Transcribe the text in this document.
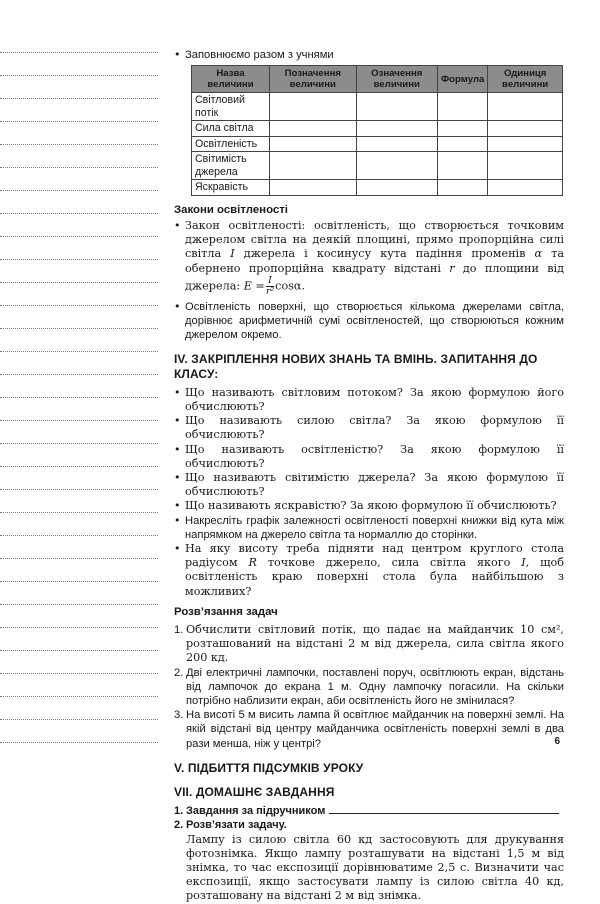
• Заповнюємо разом з учнями
Назва величини	Позначення величини	Означення величини	Формула	Одиниця величини
Світловий потік				
Сила світла				
Освітленість				
Світимість джерела				
Яскравість				
Закони освітленості
• Закон освітленості: освітленість, що створюється точковим джерелом світла на деякій площині, прямо пропорційна силі світла I джерела і косинусу кута падіння променів α та обернено пропорційна квадрату відстані r до площини від джерела: $E = \frac{I}{\text{r²}} \cos\alpha$.
• Освітленість поверхні, що створюється кількома джерелами світла, дорівнює арифметичній сумі освітленостей, що створюються кожним джерелом окремо.
IV. ЗАКРІПЛЕННЯ НОВИХ ЗНАНЬ ТА ВМІНЬ. ЗАПИТАННЯ ДО КЛАСУ:
• Що називають світловим потоком? За якою формулою його обчислюють?
• Що називають силою світла? За якою формулою її обчислюють?
• Що називають освітленістю? За якою формулою її обчислюють?
• Що називають світимістю джерела? За якою формулою її обчислюють?
• Що називають яскравістю? За якою формулою її обчислюють?
• Накресліть графік залежності освітленості поверхні книжки від кута між напрямком на джерело світла та нормаллю до сторінки.
• На яку висоту треба підняти над центром круглого стола радіусом R точкове джерело, сила світла якого I, щоб освітленість краю поверхні стола була найбільшою з можливих?
Розв’язання задач
1. Обчислити світловий потік, що падає на майданчик 10 см², розташований на відстані 2 м від джерела, сила світла якого 200 кд.
2. Дві електричні лампочки, поставлені поруч, освітлюють екран, відстань від лампочок до екрана 1 м. Одну лампочку погасили. На скільки потрібно наблизити екран, аби освітленість його не змінилася?
3. На висоті 5 м висить лампа й освітлює майданчик на поверхні землі. На якій відстані від центру майданчика освітленість поверхні землі в два рази менша, ніж у центрі?
V. ПІДБИТТЯ ПІДСУМКІВ УРОКУ
VII. ДОМАШНЄ ЗАВДАННЯ
1. Завдання за підручником
2. Розв’язати задачу.
Лампу із силою світла 60 кд застосовують для друкування фотознімка. Якщо лампу розташувати на відстані 1,5 м від знімка, то час експозиції дорівнюватиме 2,5 с. Визначити час експозиції, якщо застосувати лампу із силою світла 40 кд, розташовану на відстані 2 м від знімка.
6
